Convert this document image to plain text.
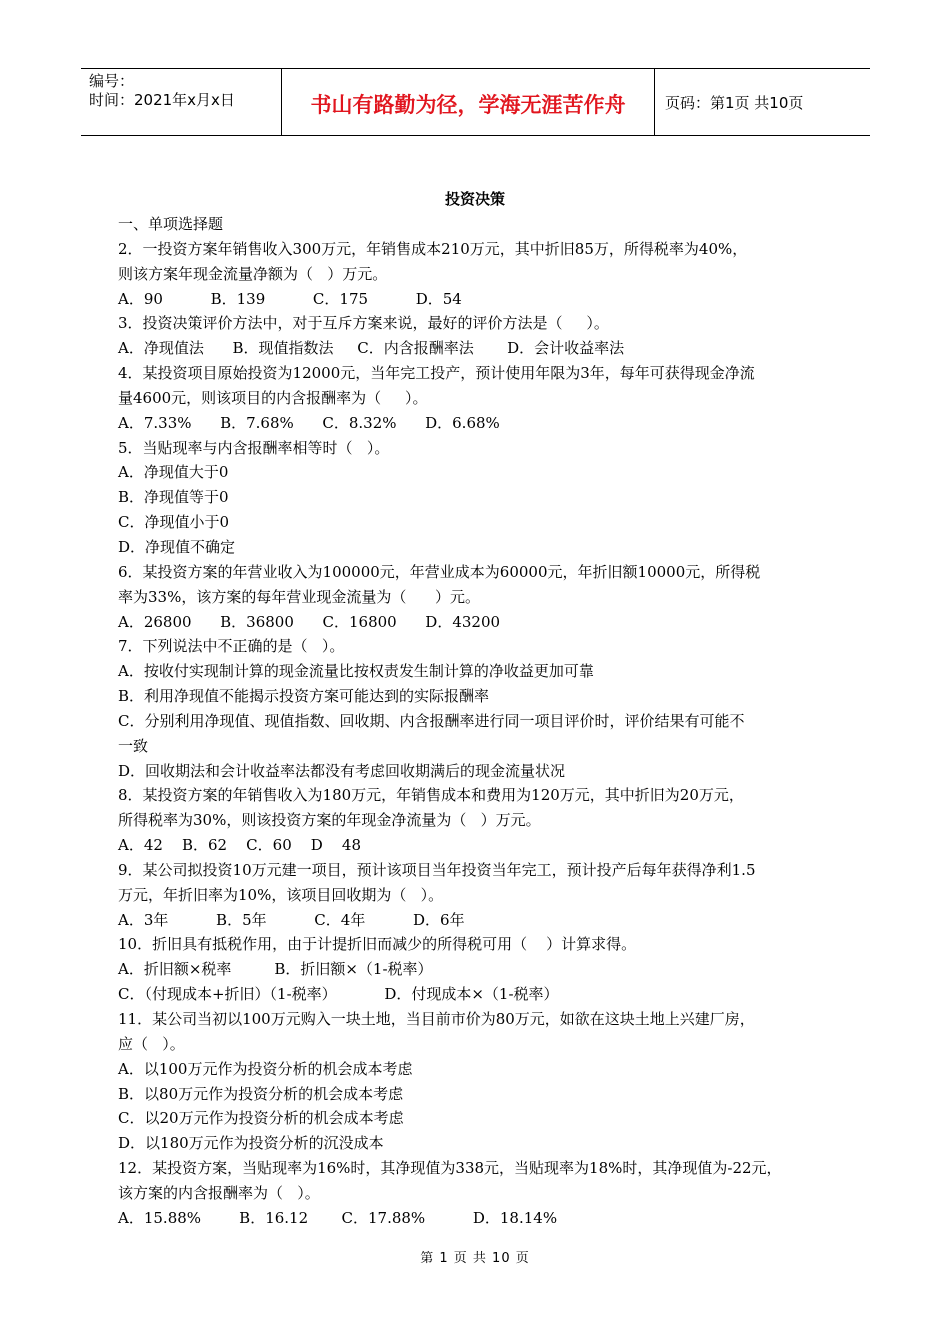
编号：
时间：2021年x月x日	书山有路勤为径，学海无涯苦作舟	页码：第1页 共10页
投资决策

一、单项选择题

2．一投资方案年销售收入300万元，年销售成本210万元，其中折旧85万，所得税率为40%，

则该方案年现金流量净额为（   ）万元。

A．90          B．139          C．175          D．54

3．投资决策评价方法中，对于互斥方案来说，最好的评价方法是（     ）。

A．净现值法      B．现值指数法     C．内含报酬率法       D．会计收益率法

4．某投资项目原始投资为12000元，当年完工投产，预计使用年限为3年，每年可获得现金净流

量4600元，则该项目的内含报酬率为（     ）。

A．7.33%      B．7.68%      C．8.32%      D．6.68%

5．当贴现率与内含报酬率相等时（   ）。

A．净现值大于0

B．净现值等于0

C．净现值小于0

D．净现值不确定

6．某投资方案的年营业收入为100000元，年营业成本为60000元，年折旧额10000元，所得税

率为33%，该方案的每年营业现金流量为（      ）元。

A．26800      B．36800      C．16800      D．43200

7．下列说法中不正确的是（   ）。

A．按收付实现制计算的现金流量比按权责发生制计算的净收益更加可靠

B．利用净现值不能揭示投资方案可能达到的实际报酬率

C．分别利用净现值、现值指数、回收期、内含报酬率进行同一项目评价时，评价结果有可能不

一致

D．回收期法和会计收益率法都没有考虑回收期满后的现金流量状况

8．某投资方案的年销售收入为180万元，年销售成本和费用为120万元，其中折旧为20万元，

所得税率为30%，则该投资方案的年现金净流量为（   ）万元。

A．42    B．62    C．60    D    48

9．某公司拟投资10万元建一项目，预计该项目当年投资当年完工，预计投产后每年获得净利1.5

万元，年折旧率为10%，该项目回收期为（   ）。

A．3年          B．5年          C．4年          D．6年

10．折旧具有抵税作用，由于计提折旧而减少的所得税可用（    ）计算求得。

A．折旧额×税率         B．折旧额×（1-税率）

C．（付现成本+折旧）（1-税率）          D．付现成本×（1-税率）

11．某公司当初以100万元购入一块土地，当目前市价为80万元，如欲在这块土地上兴建厂房，

应（   ）。

A．以100万元作为投资分析的机会成本考虑

B．以80万元作为投资分析的机会成本考虑

C．以20万元作为投资分析的机会成本考虑

D．以180万元作为投资分析的沉没成本

12．某投资方案，当贴现率为16%时，其净现值为338元，当贴现率为18%时，其净现值为-22元，

该方案的内含报酬率为（   ）。

A．15.88%        B．16.12       C．17.88%          D．18.14%

第 1 页 共 10 页
